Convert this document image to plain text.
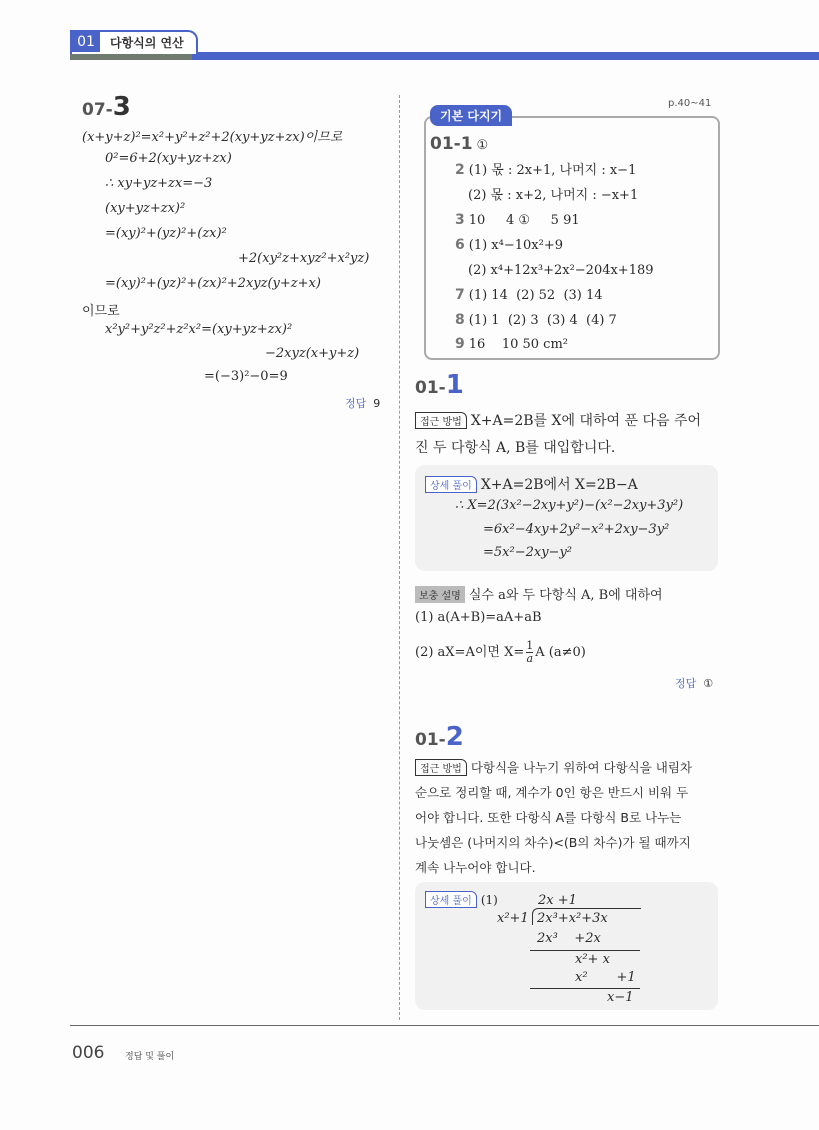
01	다항식의 연산
07-3
(x+y+z)²=x²+y²+z²+2(xy+yz+zx)이므로
0²=6+2(xy+yz+zx)
∴ xy+yz+zx=−3
(xy+yz+zx)²
=(xy)²+(yz)²+(zx)²
+2(xy²z+xyz²+x²yz)
=(xy)²+(yz)²+(zx)²+2xyz(y+z+x)
이므로
x²y²+y²z²+z²x²=(xy+yz+zx)²
−2xyz(x+y+z)
=(−3)²−0=9
정답 9
p.40~41
기본 다지기
01-1 ①
2 (1) 몫 : 2x+1, 나머지 : x−1
(2) 몫 : x+2, 나머지 : −x+1
3 10     4 ①     5 91
6 (1) x⁴−10x²+9
(2) x⁴+12x³+2x²−204x+189
7 (1) 14  (2) 52  (3) 14
8 (1) 1  (2) 3  (3) 4  (4) 7
9 16    10 50 cm²
01-1
접근 방법 X+A=2B를 X에 대하여 푼 다음 주어
진 두 다항식 A, B를 대입합니다.
상세 풀이 X+A=2B에서 X=2B−A
∴ X=2(3x²−2xy+y²)−(x²−2xy+3y²)
=6x²−4xy+2y²−x²+2xy−3y²
=5x²−2xy−y²
보충 설명 실수 a와 두 다항식 A, B에 대하여
(1) a(A+B)=aA+aB
(2) aX=A이면 $X= \frac{1}{a}$ A (a≠0)
정답 ①
01-2
접근 방법 다항식을 나누기 위하여 다항식을 내림차
순으로 정리할 때, 계수가 0인 항은 반드시 비워 두
어야 합니다. 또한 다항식 A를 다항식 B로 나누는
나눗셈은 (나머지의 차수)<(B의 차수)가 될 때까지
계속 나누어야 합니다.
상세 풀이 (1)	2x +1
x²+1 2x³+x²+3x
2x³    +2x
x²+ x
x²       +1
x−1
006 정답 및 풀이
